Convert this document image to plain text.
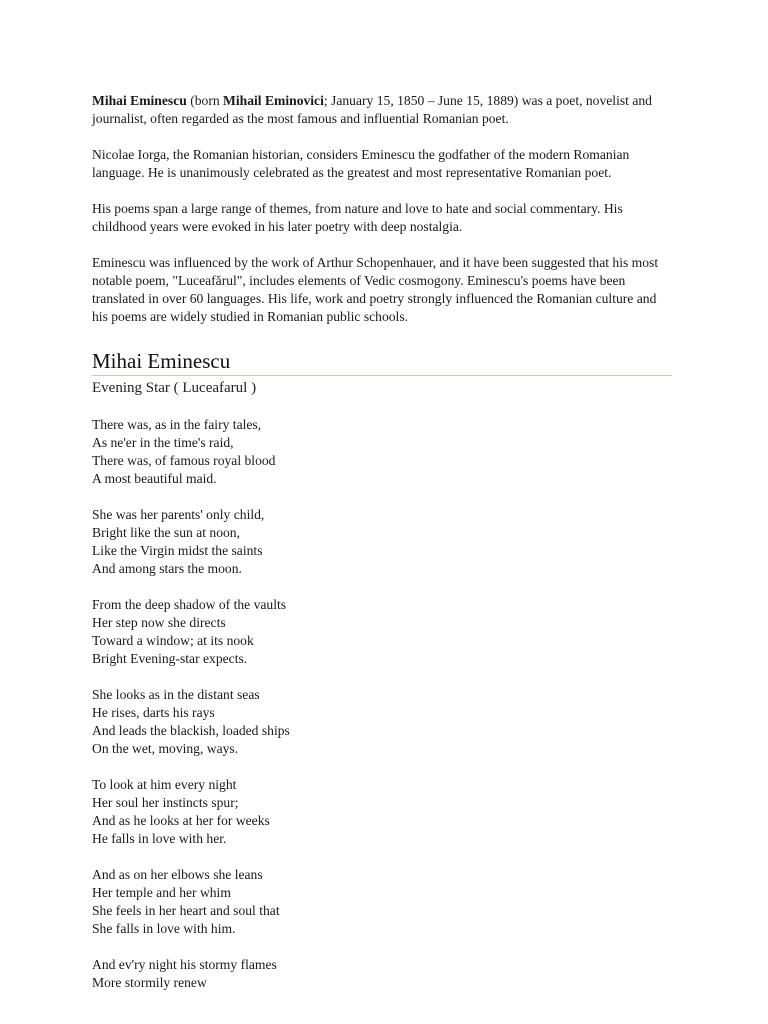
Mihai Eminescu (born Mihail Eminovici; January 15, 1850 – June 15, 1889) was a poet, novelist and journalist, often regarded as the most famous and influential Romanian poet.

Nicolae Iorga, the Romanian historian, considers Eminescu the godfather of the modern Romanian language. He is unanimously celebrated as the greatest and most representative Romanian poet.

His poems span a large range of themes, from nature and love to hate and social commentary. His childhood years were evoked in his later poetry with deep nostalgia.

Eminescu was influenced by the work of Arthur Schopenhauer, and it have been suggested that his most notable poem, "Luceafărul", includes elements of Vedic cosmogony. Eminescu's poems have been translated in over 60 languages. His life, work and poetry strongly influenced the Romanian culture and his poems are widely studied in Romanian public schools.

Mihai Eminescu
Evening Star ( Luceafarul )
There was, as in the fairy tales,
As ne'er in the time's raid,
There was, of famous royal blood
A most beautiful maid.
She was her parents' only child,
Bright like the sun at noon,
Like the Virgin midst the saints
And among stars the moon.
From the deep shadow of the vaults
Her step now she directs
Toward a window; at its nook
Bright Evening-star expects.
She looks as in the distant seas
He rises, darts his rays
And leads the blackish, loaded ships
On the wet, moving, ways.
To look at him every night
Her soul her instincts spur;
And as he looks at her for weeks
He falls in love with her.
And as on her elbows she leans
Her temple and her whim
She feels in her heart and soul that
She falls in love with him.
And ev'ry night his stormy flames
More stormily renew
